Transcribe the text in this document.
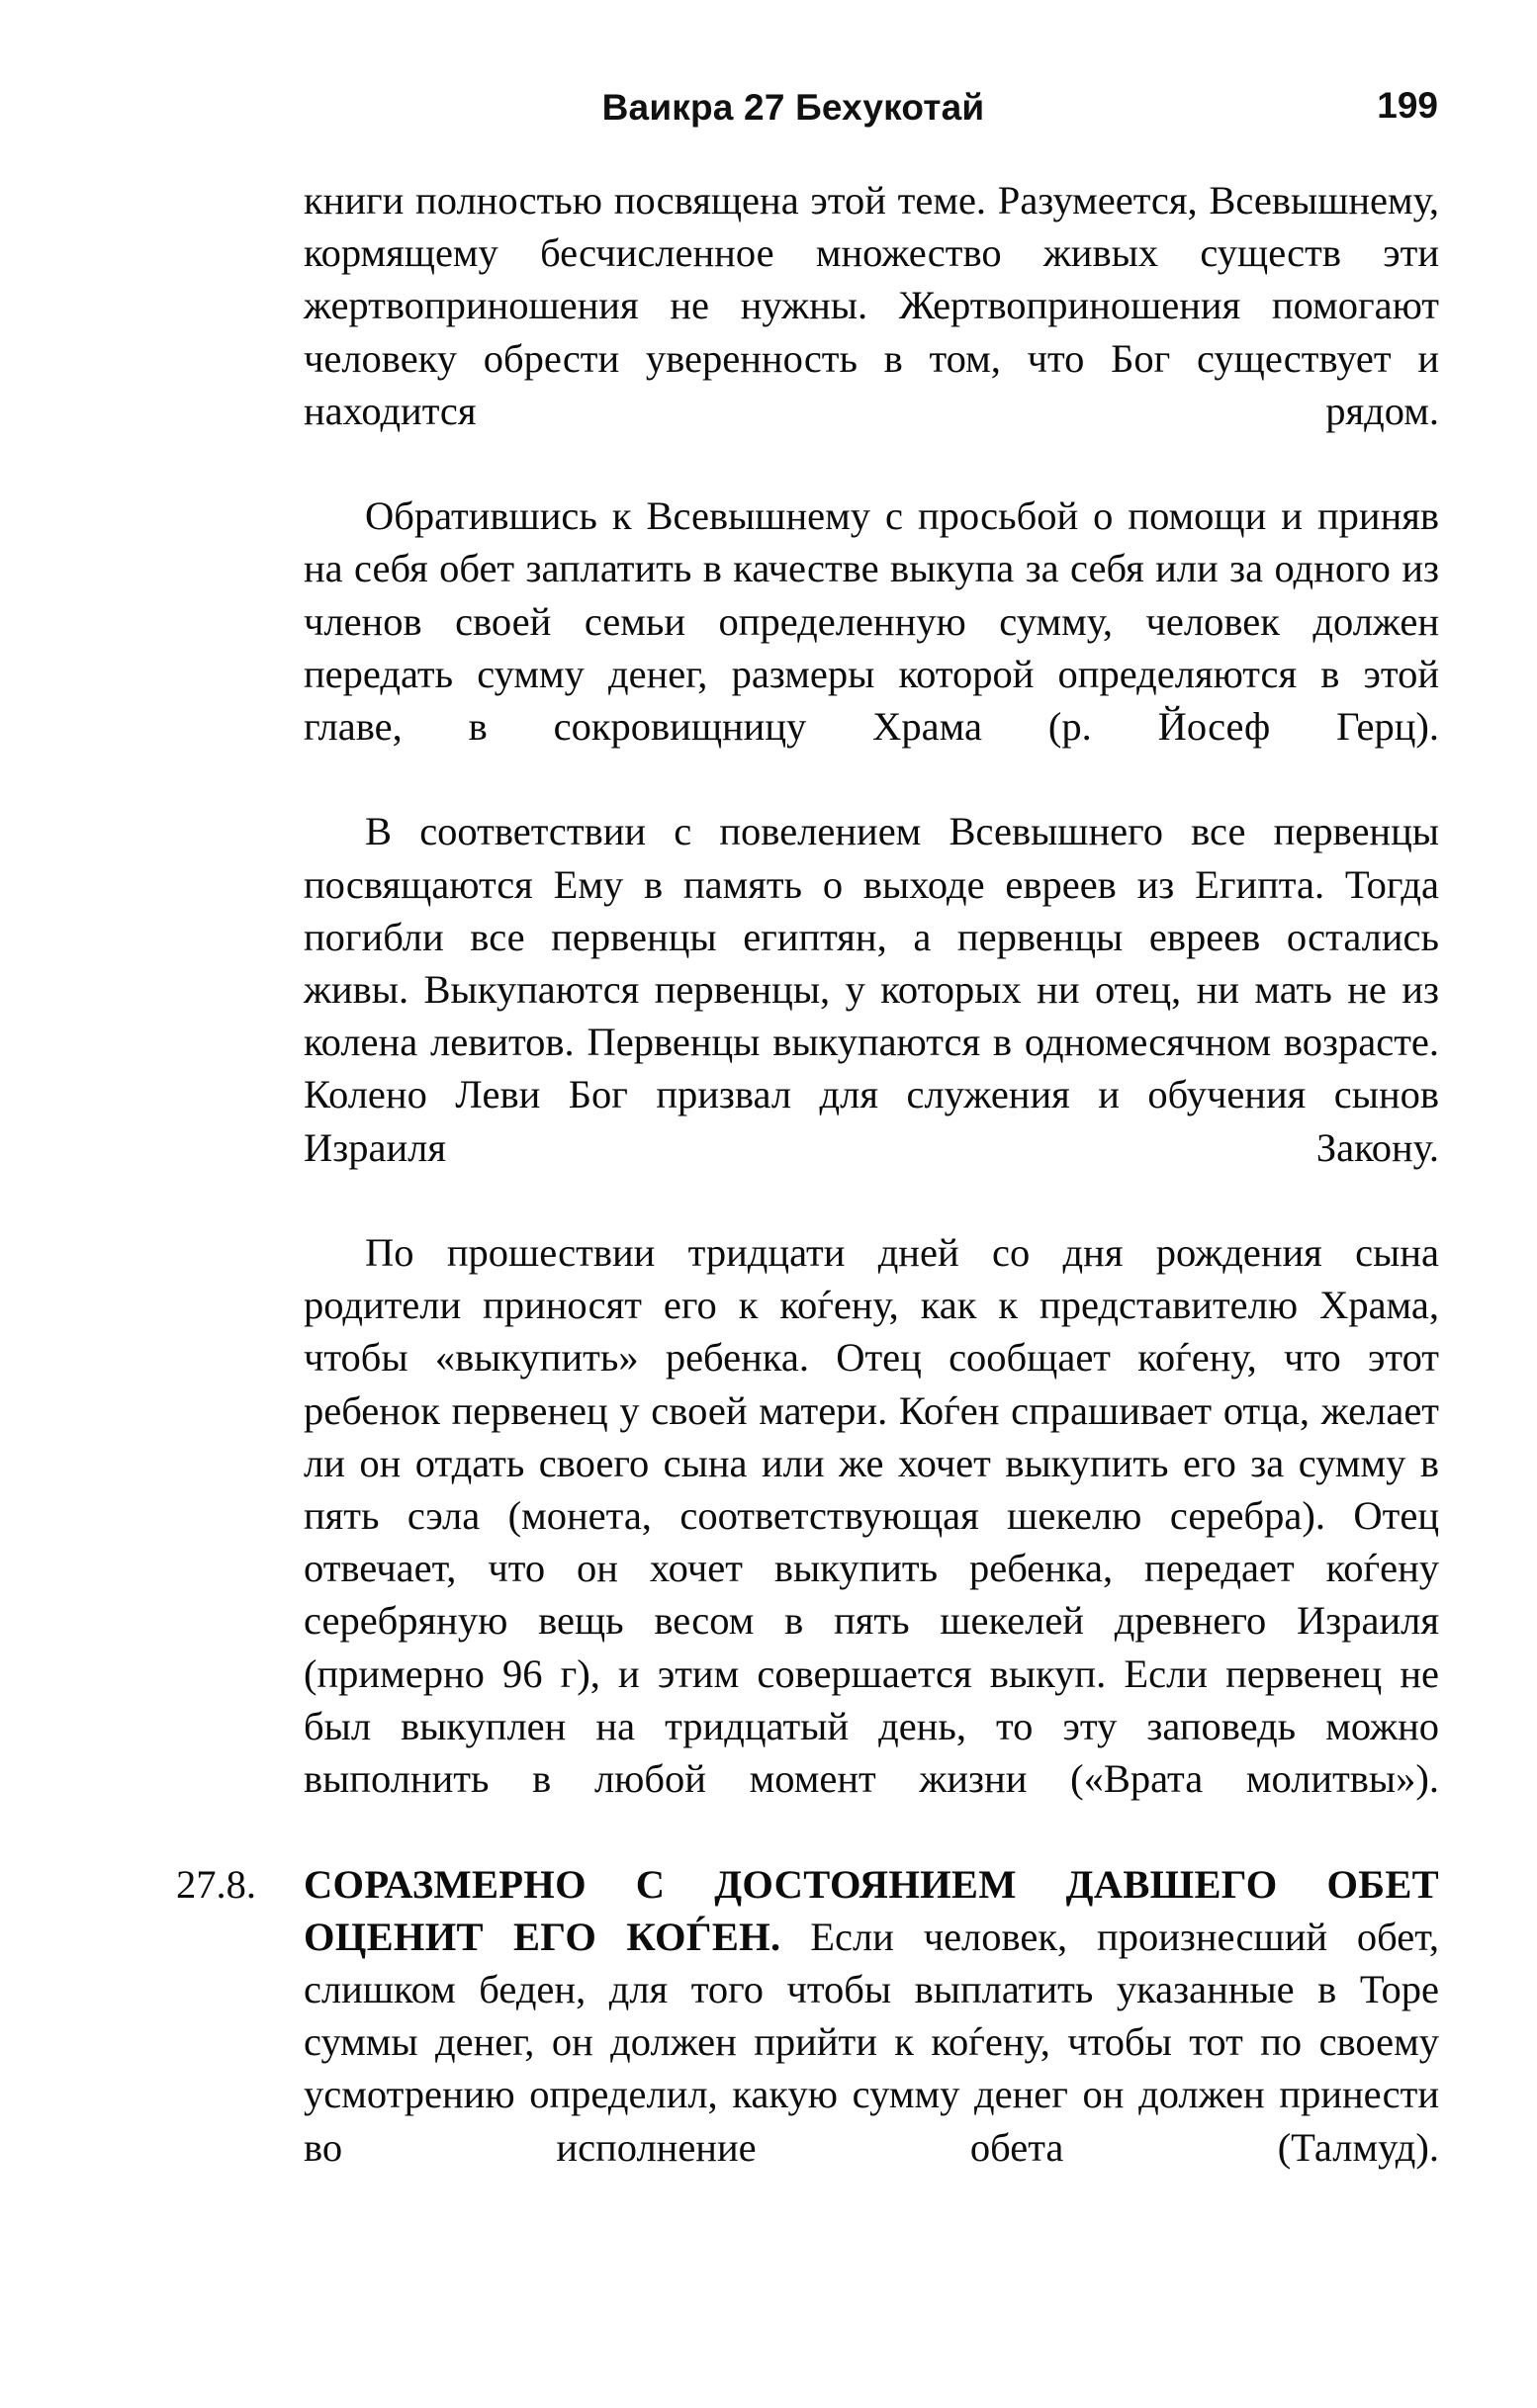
Ваикра 27 Бехукотай	199

книги полностью посвящена этой теме. Разумеется, Всевышнему, кормящему бесчисленное множество живых существ эти жертвоприношения не нужны. Жертвоприношения помогают человеку обрести уверенность в том, что Бог существует и находится рядом.

Обратившись к Всевышнему с просьбой о помощи и приняв на себя обет заплатить в качестве выкупа за себя или за одного из членов своей семьи определенную сумму, человек должен передать сумму денег, размеры которой определяются в этой главе, в сокровищницу Храма (р. Йосеф Герц).

В соответствии с повелением Всевышнего все первенцы посвящаются Ему в память о выходе евреев из Египта. Тогда погибли все первенцы египтян, а первенцы евреев остались живы. Выкупаются первенцы, у которых ни отец, ни мать не из колена левитов. Первенцы выкупаются в одномесячном возрасте. Колено Леви Бог призвал для служения и обучения сынов Израиля Закону.

По прошествии тридцати дней со дня рождения сына родители приносят его к коѓену, как к представителю Храма, чтобы «выкупить» ребенка. Отец сообщает коѓену, что этот ребенок первенец у своей матери. Коѓен спрашивает отца, желает ли он отдать своего сына или же хочет выкупить его за сумму в пять сэла (монета, соответствующая шекелю серебра). Отец отвечает, что он хочет выкупить ребенка, передает коѓену серебряную вещь весом в пять шекелей древнего Израиля (примерно 96 г), и этим совершается выкуп. Если первенец не был выкуплен на тридцатый день, то эту заповедь можно выполнить в любой момент жизни («Врата молитвы»).

27.8.	СОРАЗМЕРНО С ДОСТОЯНИЕМ ДАВШЕГО ОБЕТ ОЦЕНИТ ЕГО КОЃЕН. Если человек, произнесший обет, слишком беден, для того чтобы выплатить указанные в Торе суммы денег, он должен прийти к коѓену, чтобы тот по своему усмотрению определил, какую сумму денег он должен принести во исполнение обета (Талмуд).
